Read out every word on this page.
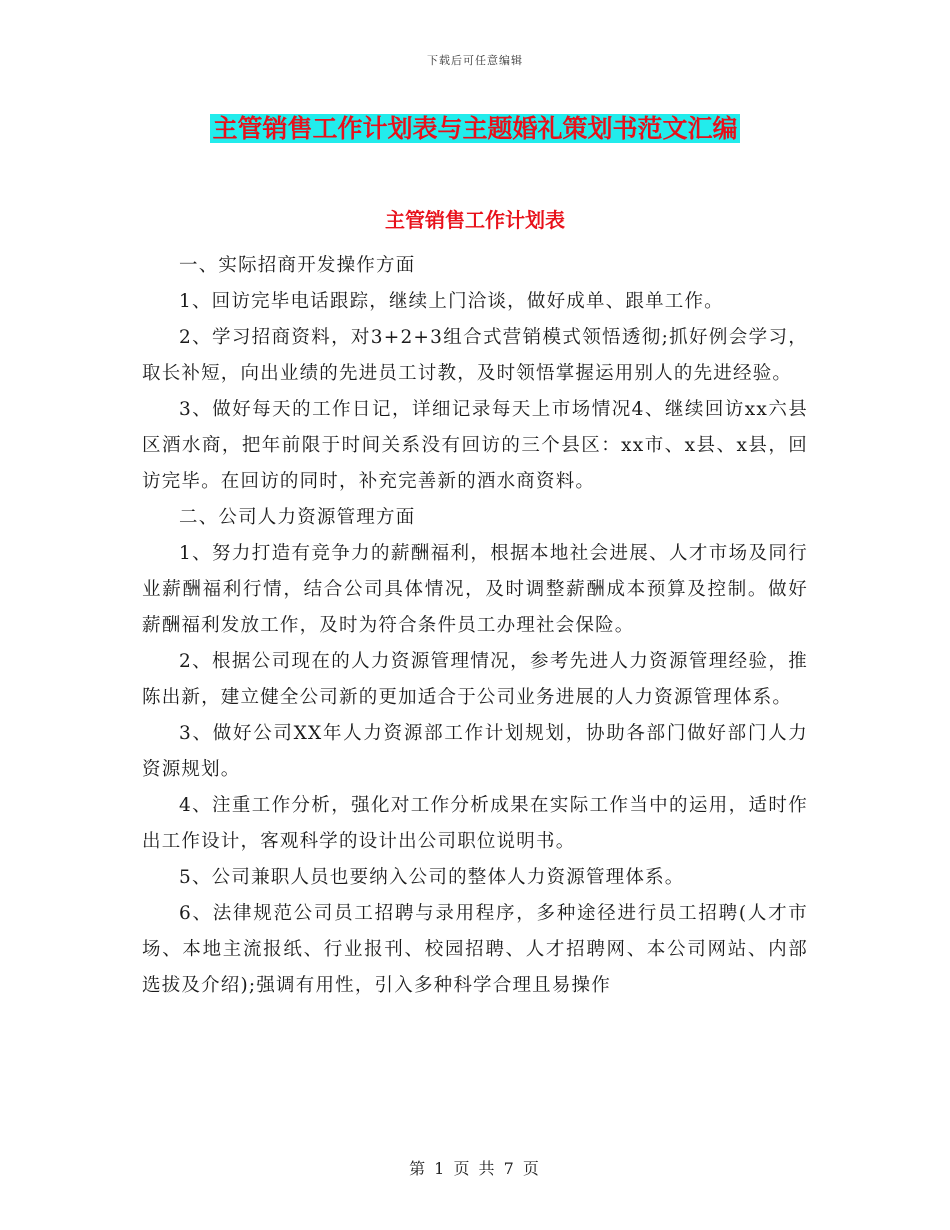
下载后可任意编辑
主管销售工作计划表与主题婚礼策划书范文汇编
主管销售工作计划表

一、实际招商开发操作方面

1、回访完毕电话跟踪，继续上门洽谈，做好成单、跟单工作。

2、学习招商资料，对3+2+3组合式营销模式领悟透彻;抓好例会学习，取长补短，向出业绩的先进员工讨教，及时领悟掌握运用别人的先进经验。

3、做好每天的工作日记，详细记录每天上市场情况4、继续回访xx六县区酒水商，把年前限于时间关系没有回访的三个县区：xx市、x县、x县，回访完毕。在回访的同时，补充完善新的酒水商资料。

二、公司人力资源管理方面

1、努力打造有竞争力的薪酬福利，根据本地社会进展、人才市场及同行业薪酬福利行情，结合公司具体情况，及时调整薪酬成本预算及控制。做好薪酬福利发放工作，及时为符合条件员工办理社会保险。

2、根据公司现在的人力资源管理情况，参考先进人力资源管理经验，推陈出新，建立健全公司新的更加适合于公司业务进展的人力资源管理体系。

3、做好公司XX年人力资源部工作计划规划，协助各部门做好部门人力资源规划。

4、注重工作分析，强化对工作分析成果在实际工作当中的运用，适时作出工作设计，客观科学的设计出公司职位说明书。

5、公司兼职人员也要纳入公司的整体人力资源管理体系。

6、法律规范公司员工招聘与录用程序，多种途径进行员工招聘(人才市场、本地主流报纸、行业报刊、校园招聘、人才招聘网、本公司网站、内部选拔及介绍);强调有用性，引入多种科学合理且易操作

第 1 页 共 7 页
